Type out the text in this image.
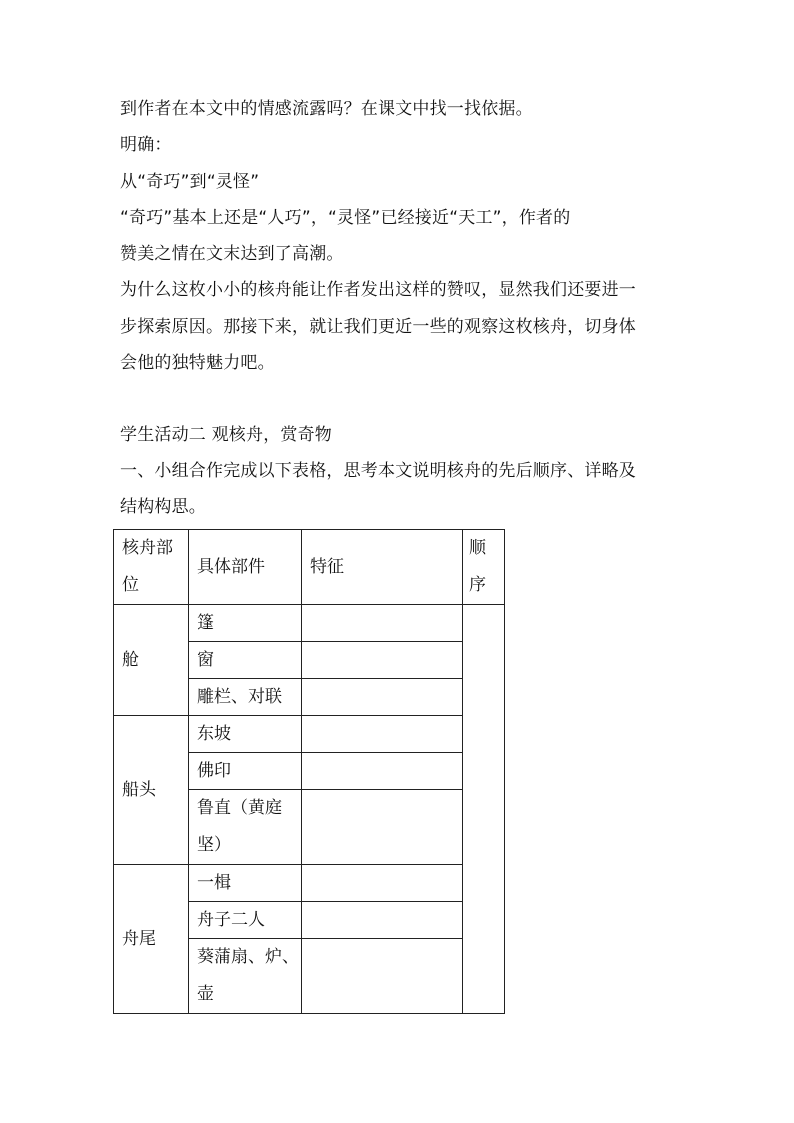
到作者在本文中的情感流露吗？在课文中找一找依据。
明确：
从“奇巧”到“灵怪”
“奇巧”基本上还是“人巧”，“灵怪”已经接近“天工”，作者的
赞美之情在文末达到了高潮。
为什么这枚小小的核舟能让作者发出这样的赞叹，显然我们还要进一
步探索原因。那接下来，就让我们更近一些的观察这枚核舟，切身体
会他的独特魅力吧。
学生活动二 观核舟，赏奇物
一、小组合作完成以下表格，思考本文说明核舟的先后顺序、详略及
结构构思。
核舟部
位	具体部件	特征	顺
序
舱	篷		
	窗		
	雕栏、对联		
船头	东坡		
	佛印		
	鲁直（黄庭
坚）		
舟尾	一楫		
	舟子二人		
	葵蒲扇、炉、
壶		
